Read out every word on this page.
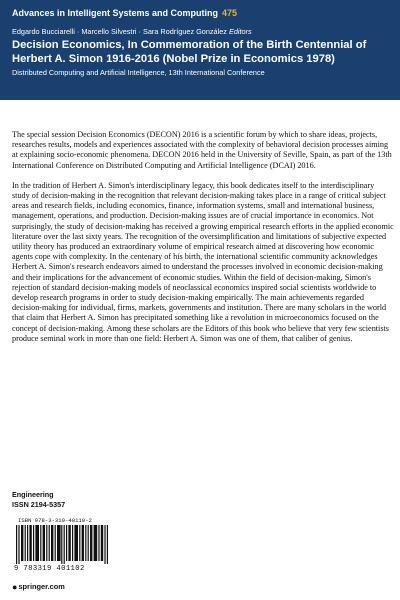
Advances in Intelligent Systems and Computing 475
Edgardo Bucciarelli · Marcello Silvestri · Sara Rodríguez González Editors
Decision Economics, In Commemoration of the Birth Centennial of
Herbert A. Simon 1916-2016 (Nobel Prize in Economics 1978)
Distributed Computing and Artificial Intelligence, 13th International Conference

The special session Decision Economics (DECON) 2016 is a scientific forum by which to share ideas, projects, researches results, models and experiences associated with the complexity of behavioral decision processes aiming at explaining socio-economic phenomena. DECON 2016 held in the University of Seville, Spain, as part of the 13th International Conference on Distributed Computing and Artificial Intelligence (DCAI) 2016.

In the tradition of Herbert A. Simon's interdisciplinary legacy, this book dedicates itself to the interdisciplinary study of decision-making in the recognition that relevant decision-making takes place in a range of critical subject areas and research fields, including economics, finance, information systems, small and international business, management, operations, and production. Decision-making issues are of crucial importance in economics. Not surprisingly, the study of decision-making has received a growing empirical research efforts in the applied economic literature over the last sixty years. The recognition of the oversimplification and limitations of subjective expected utility theory has produced an extraordinary volume of empirical research aimed at discovering how economic agents cope with complexity. In the centenary of his birth, the international scientific community acknowledges Herbert A. Simon's research endeavors aimed to understand the processes involved in economic decision-making and their implications for the advancement of economic studies. Within the field of decision-making, Simon's rejection of standard decision-making models of neoclassical economics inspired social scientists worldwide to develop research programs in order to study decision-making empirically. The main achievements regarded decision-making for individual, firms, markets, governments and institution. There are many scholars in the world that claim that Herbert A. Simon has precipitated something like a revolution in microeconomics focused on the concept of decision-making. Among these scholars are the Editors of this book who believe that very few scientists produce seminal work in more than one field: Herbert A. Simon was one of them, that caliber of genius.

Engineering
ISSN 2194-5357
ISBN 978-3-319-40110-2
9 783319 401102
●springer.com
